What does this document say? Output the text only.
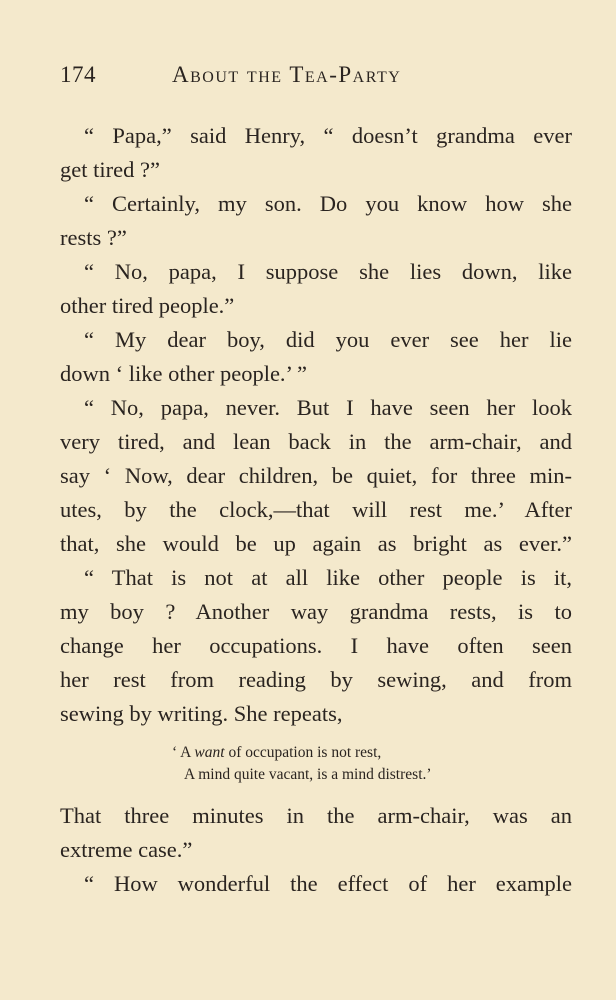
174	About the Tea-Party
“ Papa,” said Henry, “ doesn’t grandma ever
get tired ?”
“ Certainly, my son. Do you know how she
rests ?”
“ No, papa, I suppose she lies down, like
other tired people.”
“ My dear boy, did you ever see her lie
down ‘ like other people.’ ”
“ No, papa, never. But I have seen her look
very tired, and lean back in the arm-chair, and
say ‘ Now, dear children, be quiet, for three min-
utes, by the clock,—that will rest me.’ After
that, she would be up again as bright as ever.”
“ That is not at all like other people is it,
my boy ? Another way grandma rests, is to
change her occupations. I have often seen
her rest from reading by sewing, and from
sewing by writing. She repeats,
‘ A want of occupation is not rest,
A mind quite vacant, is a mind distrest.’
That three minutes in the arm-chair, was an
extreme case.”
“ How wonderful the effect of her example
